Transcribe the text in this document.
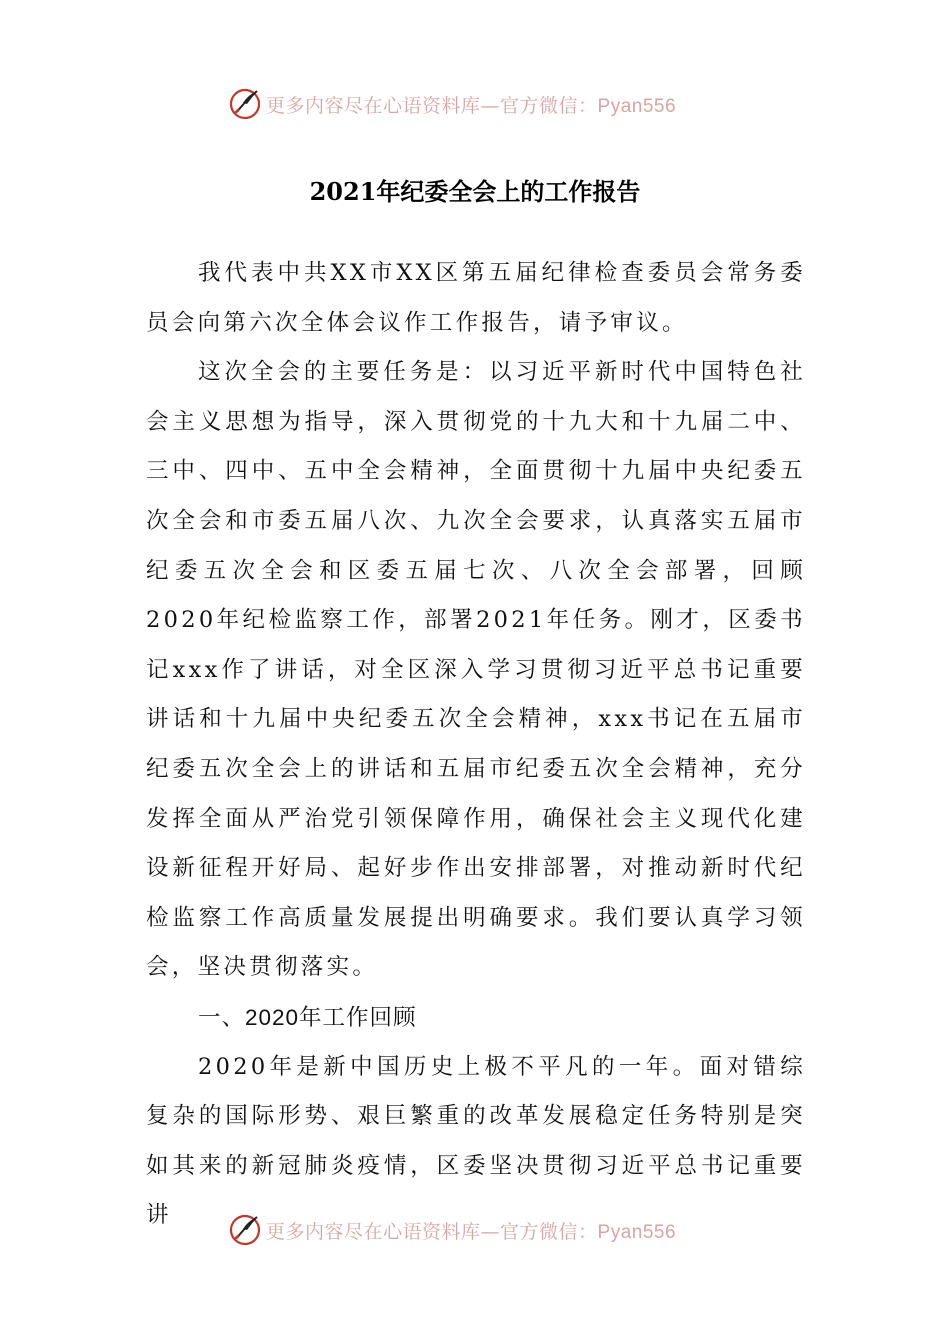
更多内容尽在心语资料库—官方微信：Pyan556
2021年纪委全会上的工作报告

我代表中共XX市XX区第五届纪律检查委员会常务委员会向第六次全体会议作工作报告，请予审议。

这次全会的主要任务是：以习近平新时代中国特色社会主义思想为指导，深入贯彻党的十九大和十九届二中、三中、四中、五中全会精神，全面贯彻十九届中央纪委五次全会和市委五届八次、九次全会要求，认真落实五届市纪委五次全会和区委五届七次、八次全会部署，回顾2020年纪检监察工作，部署2021年任务。刚才，区委书记xxx作了讲话，对全区深入学习贯彻习近平总书记重要讲话和十九届中央纪委五次全会精神，xxx书记在五届市纪委五次全会上的讲话和五届市纪委五次全会精神，充分发挥全面从严治党引领保障作用，确保社会主义现代化建设新征程开好局、起好步作出安排部署，对推动新时代纪检监察工作高质量发展提出明确要求。我们要认真学习领会，坚决贯彻落实。

一、2020年工作回顾

2020年是新中国历史上极不平凡的一年。面对错综复杂的国际形势、艰巨繁重的改革发展稳定任务特别是突如其来的新冠肺炎疫情，区委坚决贯彻习近平总书记重要讲

更多内容尽在心语资料库—官方微信：Pyan556
